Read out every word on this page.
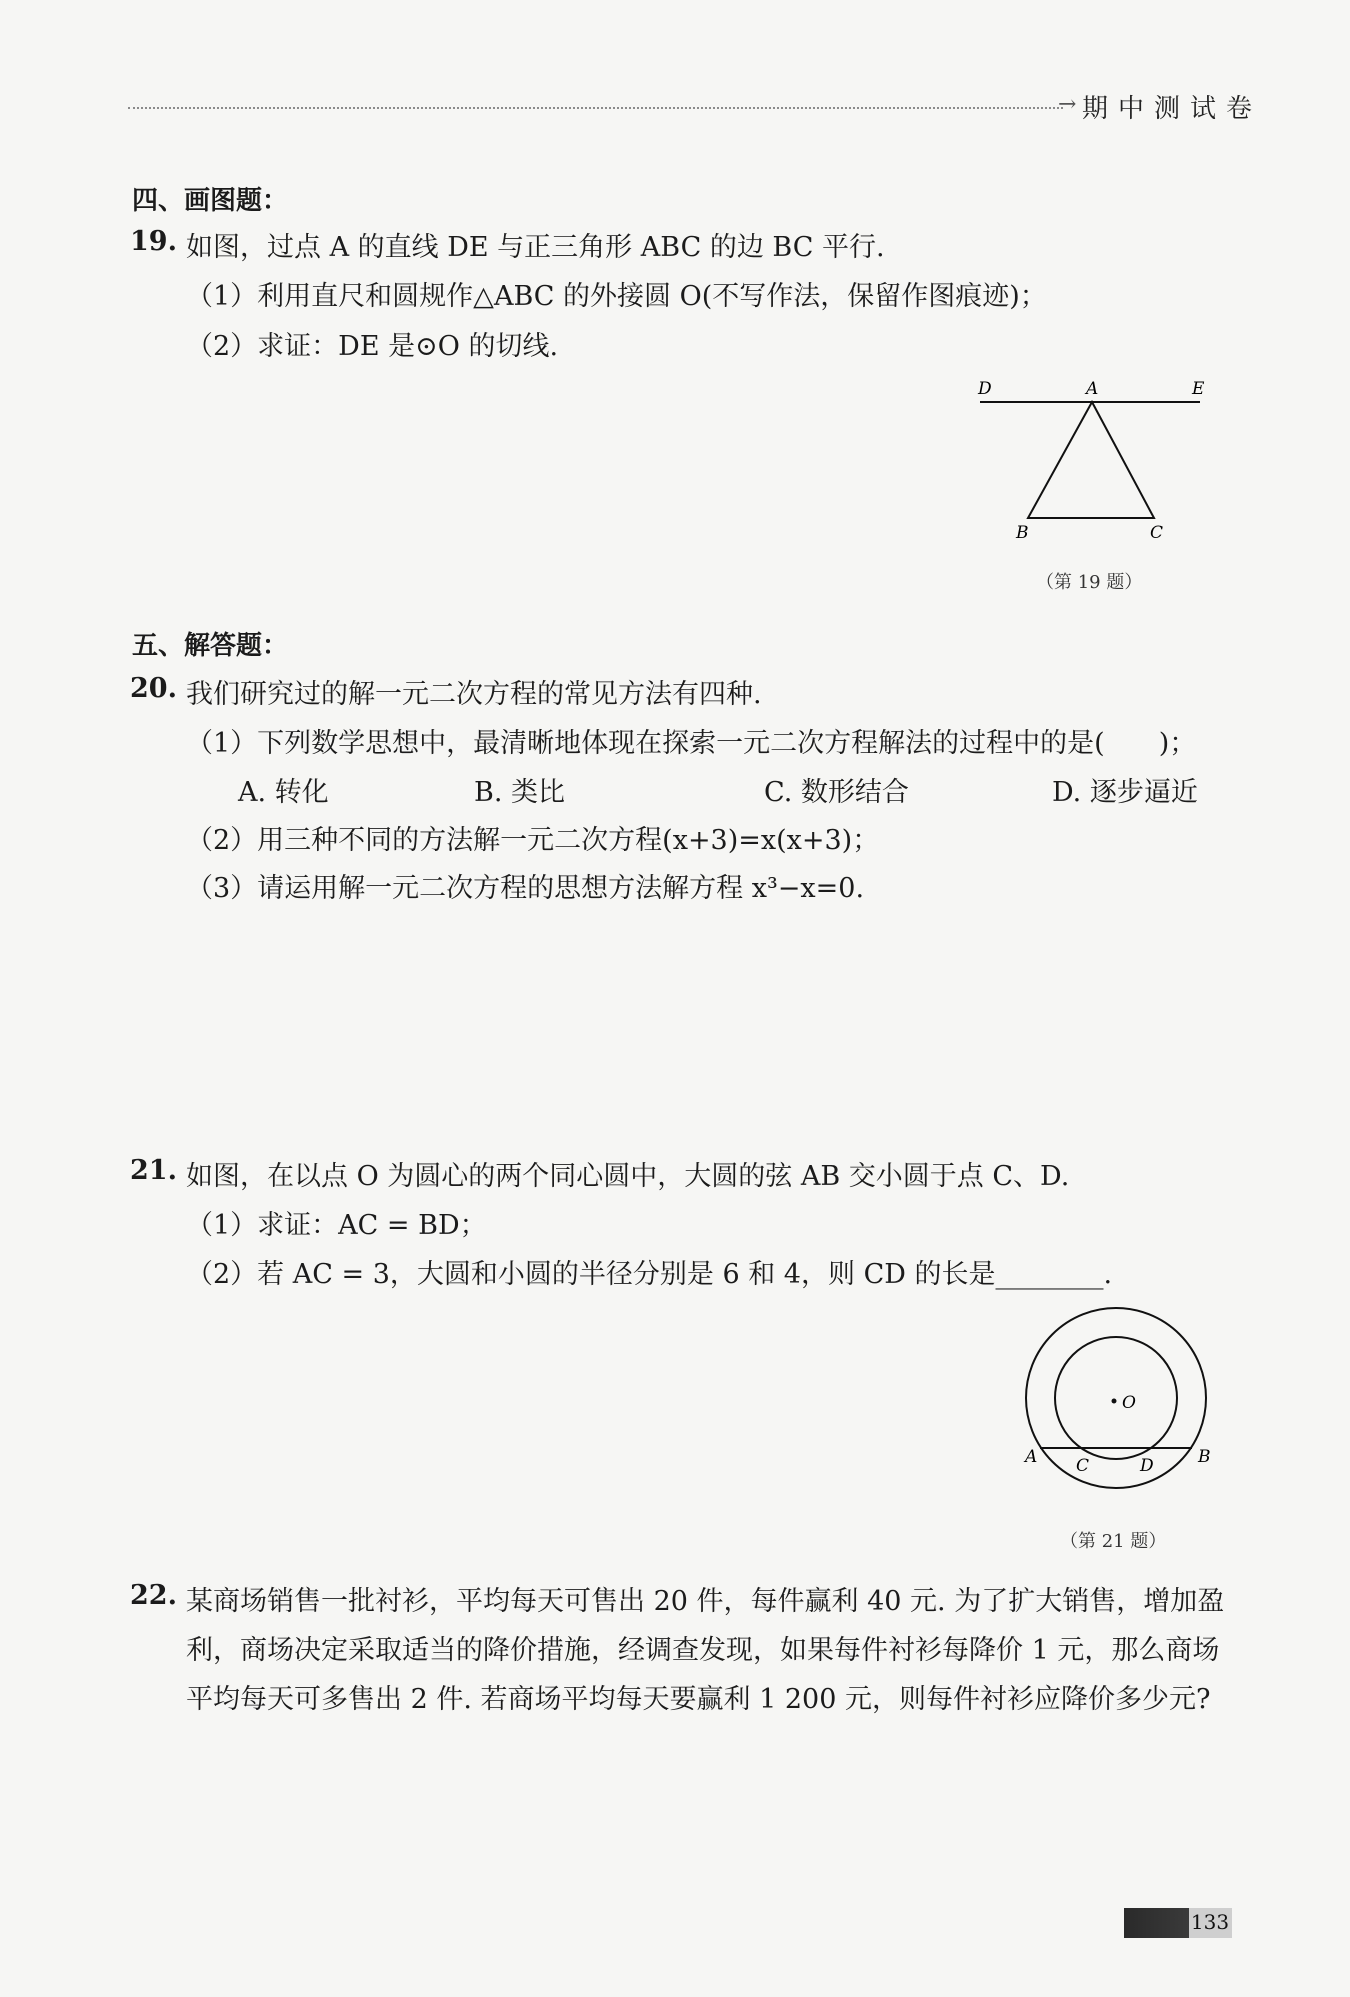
→ 期中测试卷
四、画图题：
19. 如图，过点 A 的直线 DE 与正三角形 ABC 的边 BC 平行.
（1）利用直尺和圆规作△ABC 的外接圆 O(不写作法，保留作图痕迹)；
（2）求证：DE 是⊙O 的切线.
D	A	E
B	C
（第 19 题）
五、解答题：
20. 我们研究过的解一元二次方程的常见方法有四种.
（1）下列数学思想中，最清晰地体现在探索一元二次方程解法的过程中的是(　　)；
A. 转化	B. 类比	C. 数形结合	D. 逐步逼近
（2）用三种不同的方法解一元二次方程(x+3)=x(x+3)；
（3）请运用解一元二次方程的思想方法解方程 x³−x=0.
21. 如图，在以点 O 为圆心的两个同心圆中，大圆的弦 AB 交小圆于点 C、D.
（1）求证：AC = BD；
（2）若 AC = 3，大圆和小圆的半径分别是 6 和 4，则 CD 的长是________.
O
A	B
C	D
（第 21 题）
22. 某商场销售一批衬衫，平均每天可售出 20 件，每件赢利 40 元. 为了扩大销售，增加盈
利，商场决定采取适当的降价措施，经调查发现，如果每件衬衫每降价 1 元，那么商场
平均每天可多售出 2 件. 若商场平均每天要赢利 1 200 元，则每件衬衫应降价多少元?
133
